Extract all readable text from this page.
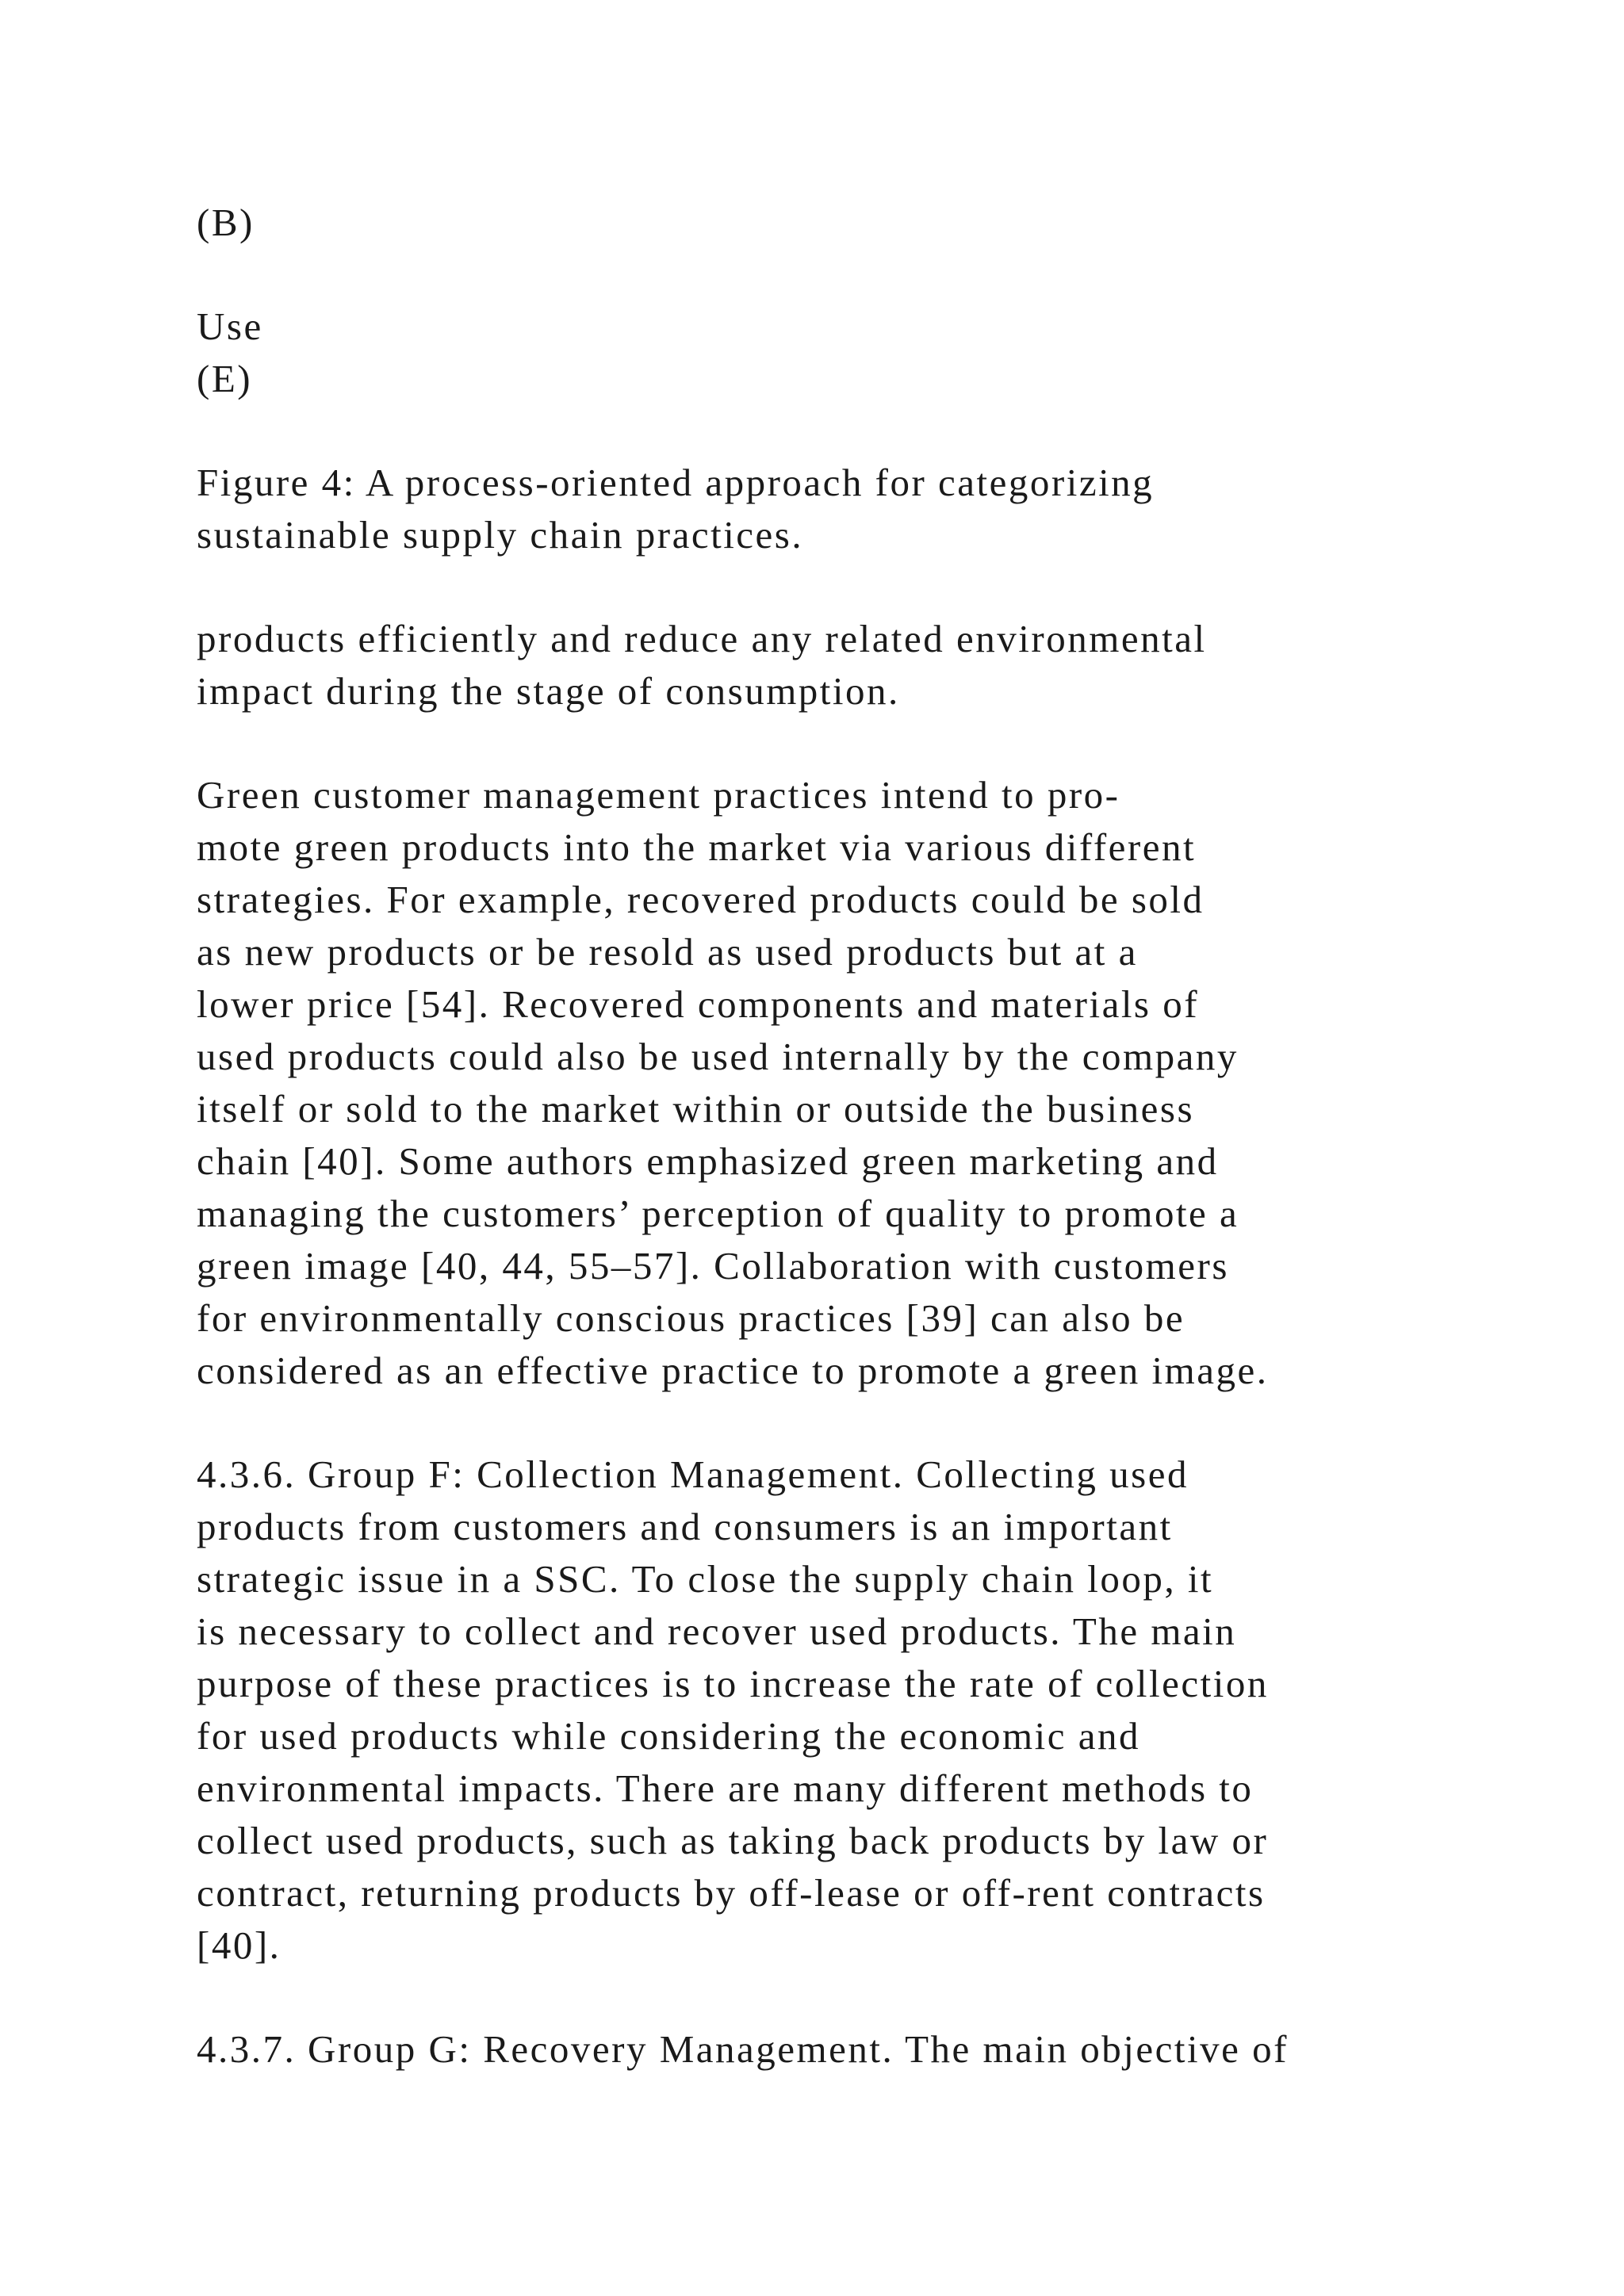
(B)
Use
(E)
Figure 4: A process-oriented approach for categorizing
sustainable supply chain practices.
products efficiently and reduce any related environmental
impact during the stage of consumption.
Green customer management practices intend to pro-
mote green products into the market via various different
strategies. For example, recovered products could be sold
as new products or be resold as used products but at a
lower price [54]. Recovered components and materials of
used products could also be used internally by the company
itself or sold to the market within or outside the business
chain [40]. Some authors emphasized green marketing and
managing the customers’ perception of quality to promote a
green image [40, 44, 55–57]. Collaboration with customers
for environmentally conscious practices [39] can also be
considered as an effective practice to promote a green image.
4.3.6. Group F: Collection Management. Collecting used
products from customers and consumers is an important
strategic issue in a SSC. To close the supply chain loop, it
is necessary to collect and recover used products. The main
purpose of these practices is to increase the rate of collection
for used products while considering the economic and
environmental impacts. There are many different methods to
collect used products, such as taking back products by law or
contract, returning products by off-lease or off-rent contracts
[40].
4.3.7. Group G: Recovery Management. The main objective of
